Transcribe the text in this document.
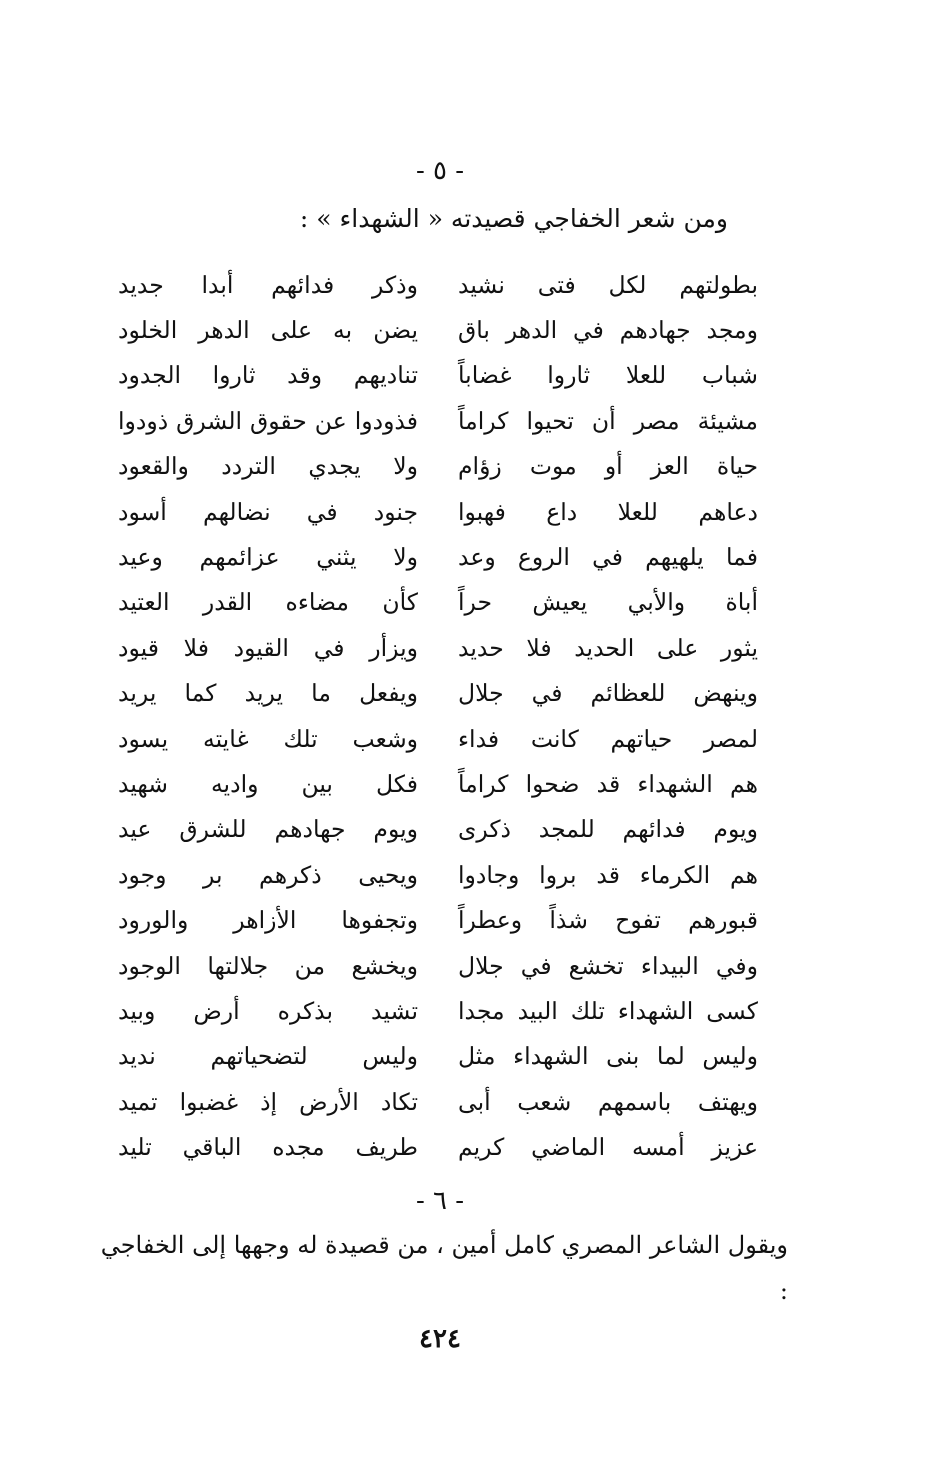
- ٥ -
ومن شعر الخفاجي قصيدته « الشهداء » :
بطولتهم لكل فتى نشيد
وذكر فدائهم أبدا جديد
ومجد جهادهم في الدهر باق
يضن به على الدهر الخلود
شباب للعلا ثاروا غضاباً
تناديهم وقد ثاروا الجدود
مشيئة مصر أن تحيوا كراماً
فذودوا عن حقوق الشرق ذودوا
حياة العز أو موت زؤام
ولا يجدي التردد والقعود
دعاهم للعلا داع فهبوا
جنود في نضالهم أسود
فما يلهيهم في الروع وعد
ولا يثني عزائمهم وعيد
أباة والأبي يعيش حراً
كأن مضاءه القدر العتيد
يثور على الحديد فلا حديد
ويزأر في القيود فلا قيود
وينهض للعظائم في جلال
ويفعل ما يريد كما يريد
لمصر حياتهم كانت فداء
وشعب تلك غايته يسود
هم الشهداء قد ضحوا كراماً
فكل بين واديه شهيد
ويوم فدائهم للمجد ذكرى
ويوم جهادهم للشرق عيد
هم الكرماء قد بروا وجادوا
ويحيى ذكرهم بر وجود
قبورهم تفوح شذاً وعطراً
وتجفوها الأزاهر والورود
وفي البيداء تخشع في جلال
ويخشع من جلالتها الوجود
كسى الشهداء تلك البيد مجدا
تشيد بذكره أرض وبيد
وليس لما بنى الشهداء مثل
وليس لتضحياتهم نديد
ويهتف باسمهم شعب أبى
تكاد الأرض إذ غضبوا تميد
عزيز أمسه الماضي كريم
طريف مجده الباقي تليد
- ٦ -
ويقول الشاعر المصري كامل أمين ، من قصيدة له وجهها إلى الخفاجي :
٤٢٤
